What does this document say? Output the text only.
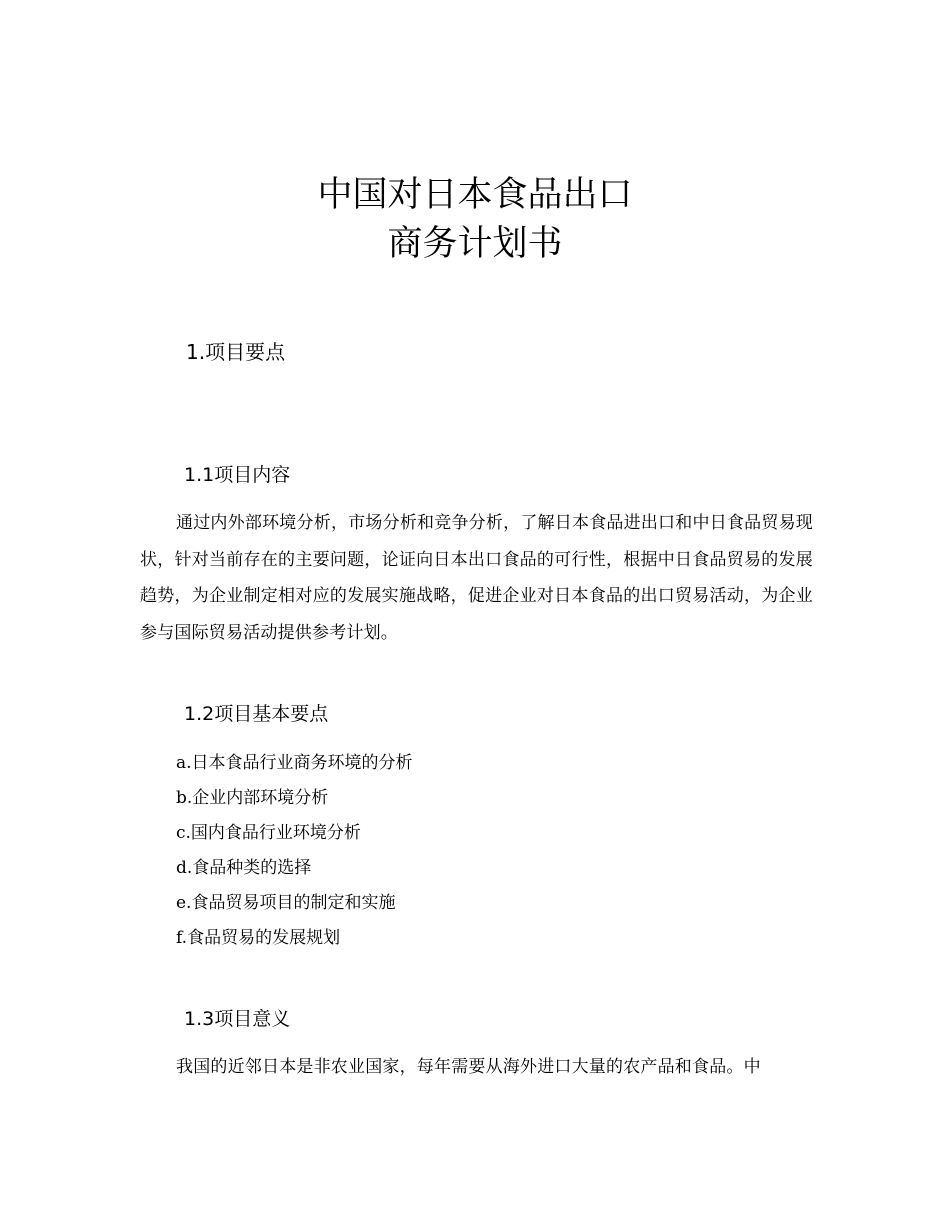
中国对日本食品出口
商务计划书
1.项目要点
1.1项目内容

通过内外部环境分析，市场分析和竞争分析，了解日本食品进出口和中日食品贸易现状，针对当前存在的主要问题，论证向日本出口食品的可行性，根据中日食品贸易的发展趋势，为企业制定相对应的发展实施战略，促进企业对日本食品的出口贸易活动，为企业参与国际贸易活动提供参考计划。

1.2项目基本要点
a.日本食品行业商务环境的分析
b.企业内部环境分析
c.国内食品行业环境分析
d.食品种类的选择
e.食品贸易项目的制定和实施
f.食品贸易的发展规划
1.3项目意义

我国的近邻日本是非农业国家，每年需要从海外进口大量的农产品和食品。中
